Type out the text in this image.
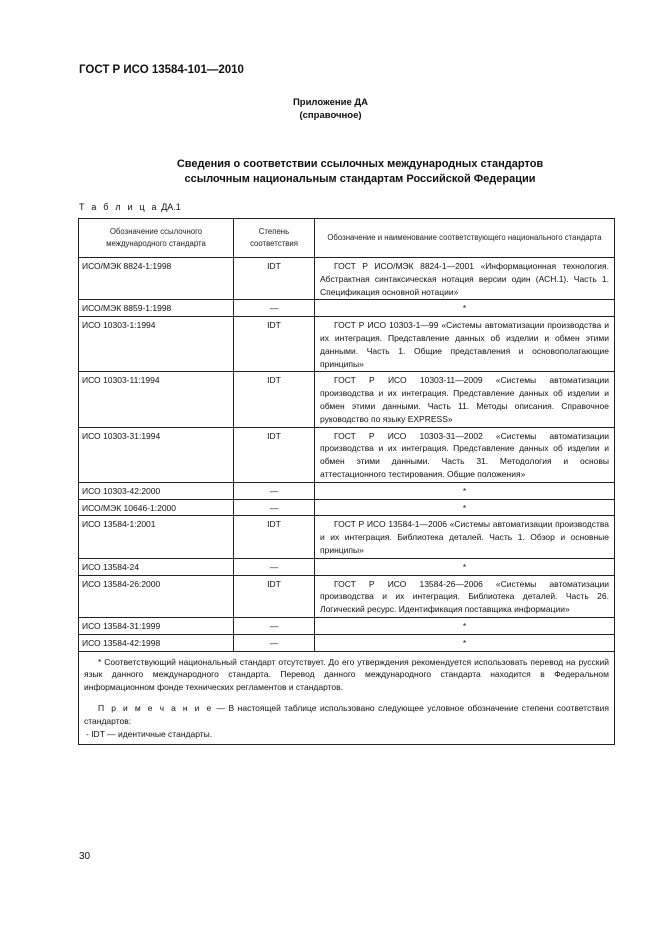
ГОСТ Р ИСО 13584-101—2010
Приложение ДА
(справочное)
Сведения о соответствии ссылочных международных стандартов
ссылочным национальным стандартам Российской Федерации
Т а б л и ц а ДА.1
Обозначение ссылочного международного стандарта	Степень соответствия	Обозначение и наименование соответствующего национального стандарта
ИСО/МЭК 8824-1:1998	IDT	ГОСТ Р ИСО/МЭК 8824-1—2001 «Информационная технология. Абстрактная синтаксическая нотация версии один (АСН.1). Часть 1. Спецификация основной нотации»
ИСО/МЭК 8859-1:1998	—	*
ИСО 10303-1:1994	IDT	ГОСТ Р ИСО 10303-1—99 «Системы автоматизации производства и их интеграция. Представление данных об изделии и обмен этими данными. Часть 1. Общие представления и основополагающие принципы»
ИСО 10303-11:1994	IDT	ГОСТ Р ИСО 10303-11—2009 «Системы автоматизации производства и их интеграция. Представление данных об изделии и обмен этими данными. Часть 11. Методы описания. Справочное руководство по языку EXPRESS»
ИСО 10303-31:1994	IDT	ГОСТ Р ИСО 10303-31—2002 «Системы автоматизации производства и их интеграция. Представление данных об изделии и обмен этими данными. Часть 31. Методология и основы аттестационного тестирования. Общие положения»
ИСО 10303-42:2000	—	*
ИСО/МЭК 10646-1:2000	—	*
ИСО 13584-1:2001	IDT	ГОСТ Р ИСО 13584-1—2006 «Системы автоматизации производства и их интеграция. Библиотека деталей. Часть 1. Обзор и основные принципы»
ИСО 13584-24	—	*
ИСО 13584-26:2000	IDT	ГОСТ Р ИСО 13584-26—2006 «Системы автоматизации производства и их интеграция. Библиотека деталей. Часть 26. Логический ресурс. Идентификация поставщика информации»
ИСО 13584-31:1999	—	*
ИСО 13584-42:1998	—	*

* Соответствующий национальный стандарт отсутствует. До его утверждения рекомендуется использовать перевод на русский язык данного международного стандарта. Перевод данного международного стандарта находится в Федеральном информационном фонде технических регламентов и стандартов.

П р и м е ч а н и е — В настоящей таблице использовано следующее условное обозначение степени соответствия стандартов:

- IDT — идентичные стандарты.		

30
